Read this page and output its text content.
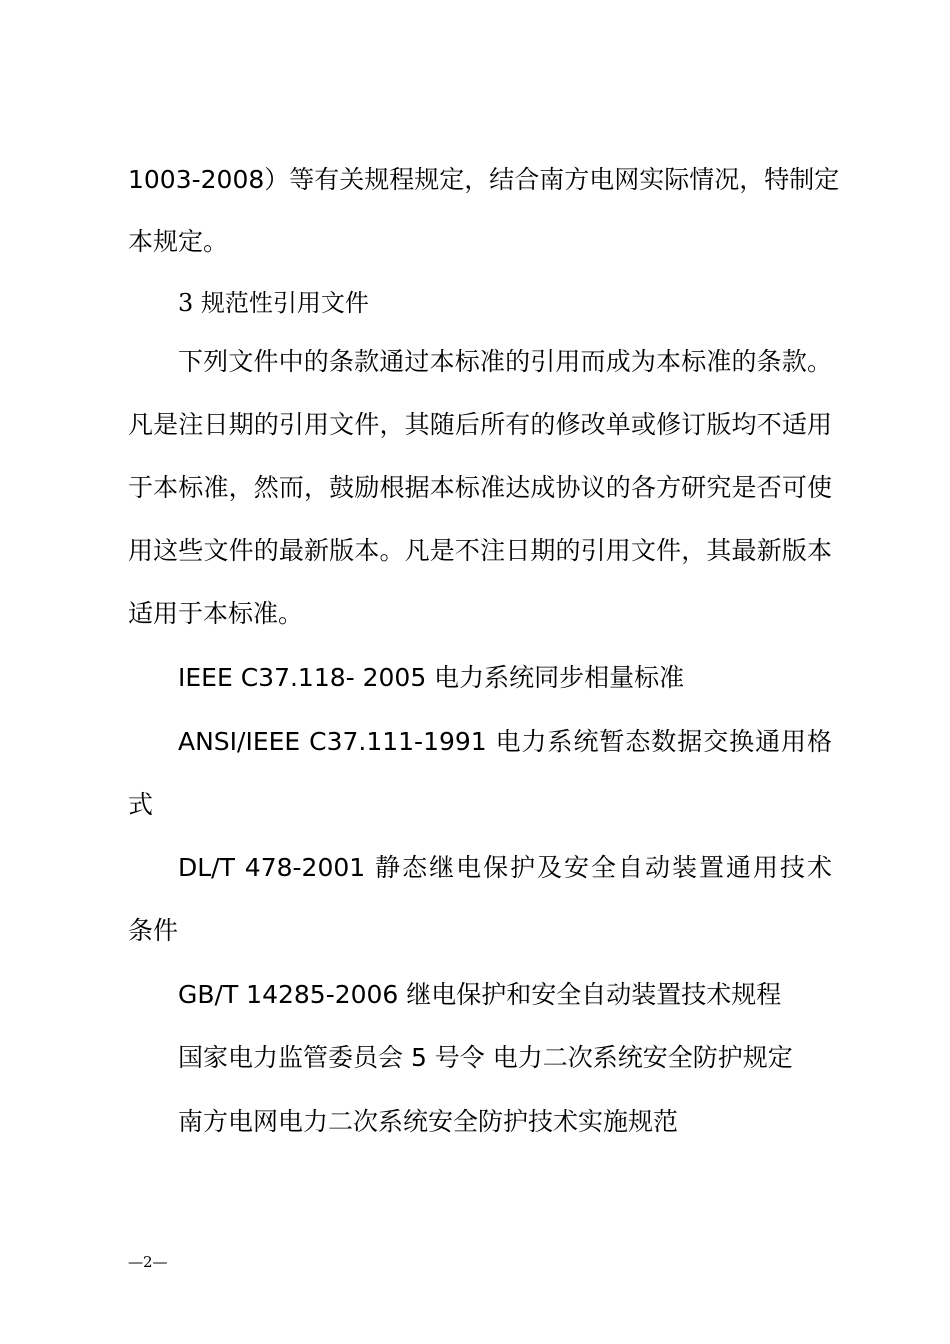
1003-2008）等有关规程规定，结合南方电网实际情况，特制定
本规定。
3 规范性引用文件
下列文件中的条款通过本标准的引用而成为本标准的条款。
凡是注日期的引用文件，其随后所有的修改单或修订版均不适用
于本标准，然而，鼓励根据本标准达成协议的各方研究是否可使
用这些文件的最新版本。凡是不注日期的引用文件，其最新版本
适用于本标准。
IEEE C37.118- 2005 电力系统同步相量标准
ANSI/IEEE C37.111-1991 电力系统暂态数据交换通用格
式
DL/T 478-2001 静态继电保护及安全自动装置通用技术
条件
GB/T 14285-2006 继电保护和安全自动装置技术规程
国家电力监管委员会 5 号令 电力二次系统安全防护规定
南方电网电力二次系统安全防护技术实施规范
—2—
